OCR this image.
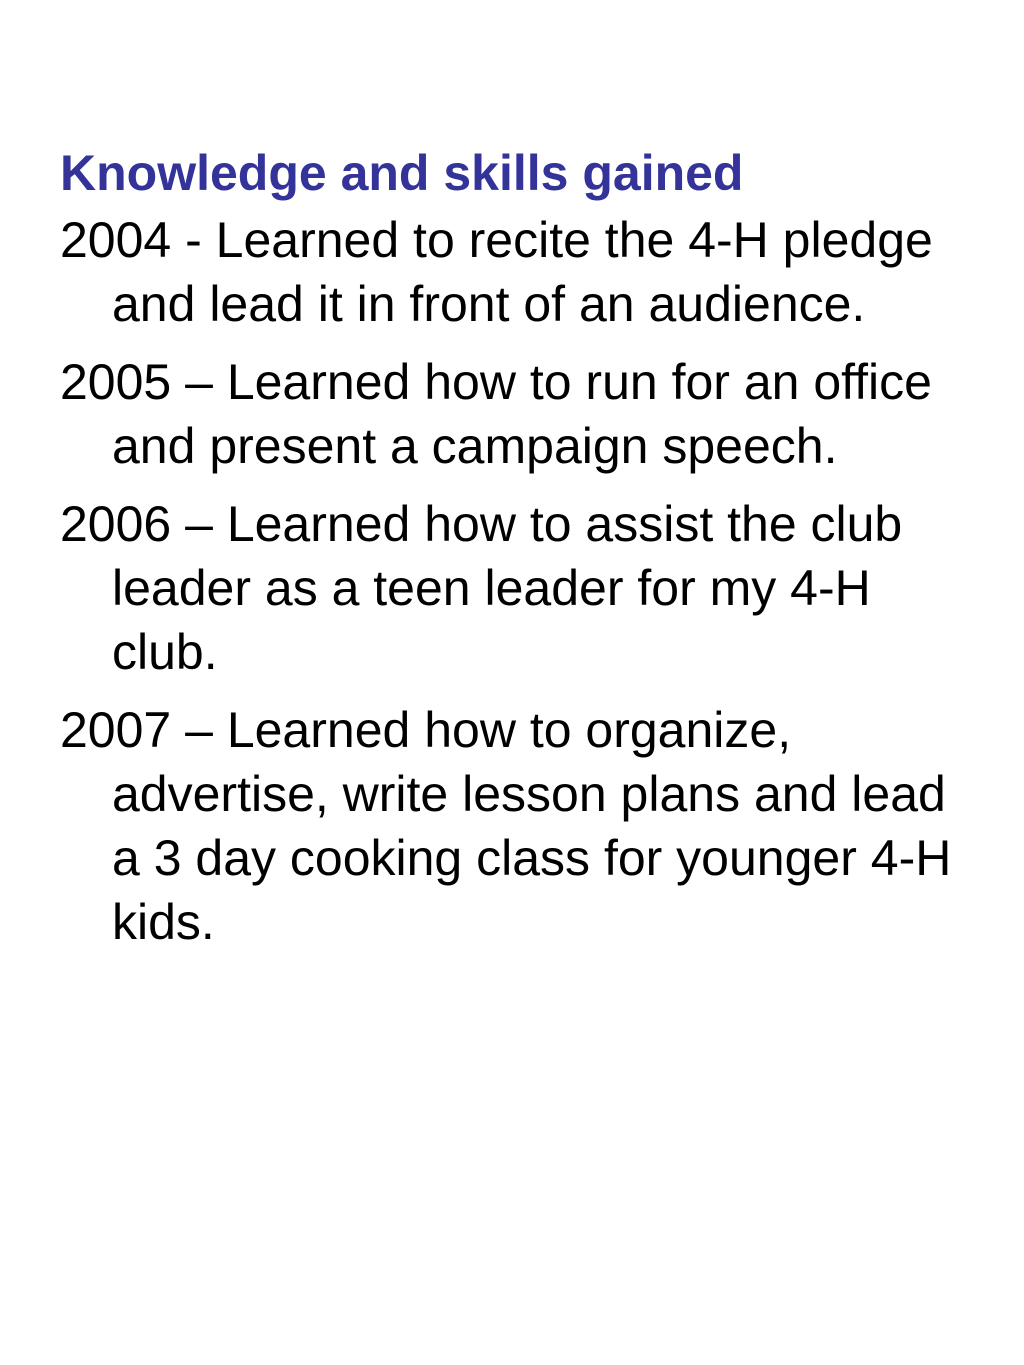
Knowledge and skills gained
2004 - Learned to recite the 4-H pledge and lead it in front of an audience.
2005 – Learned how to run for an office and present a campaign speech.
2006 – Learned how to assist the club leader as a teen leader for my 4-H club.
2007 – Learned how to organize, advertise, write lesson plans and lead a 3 day cooking class for younger 4-H kids.
